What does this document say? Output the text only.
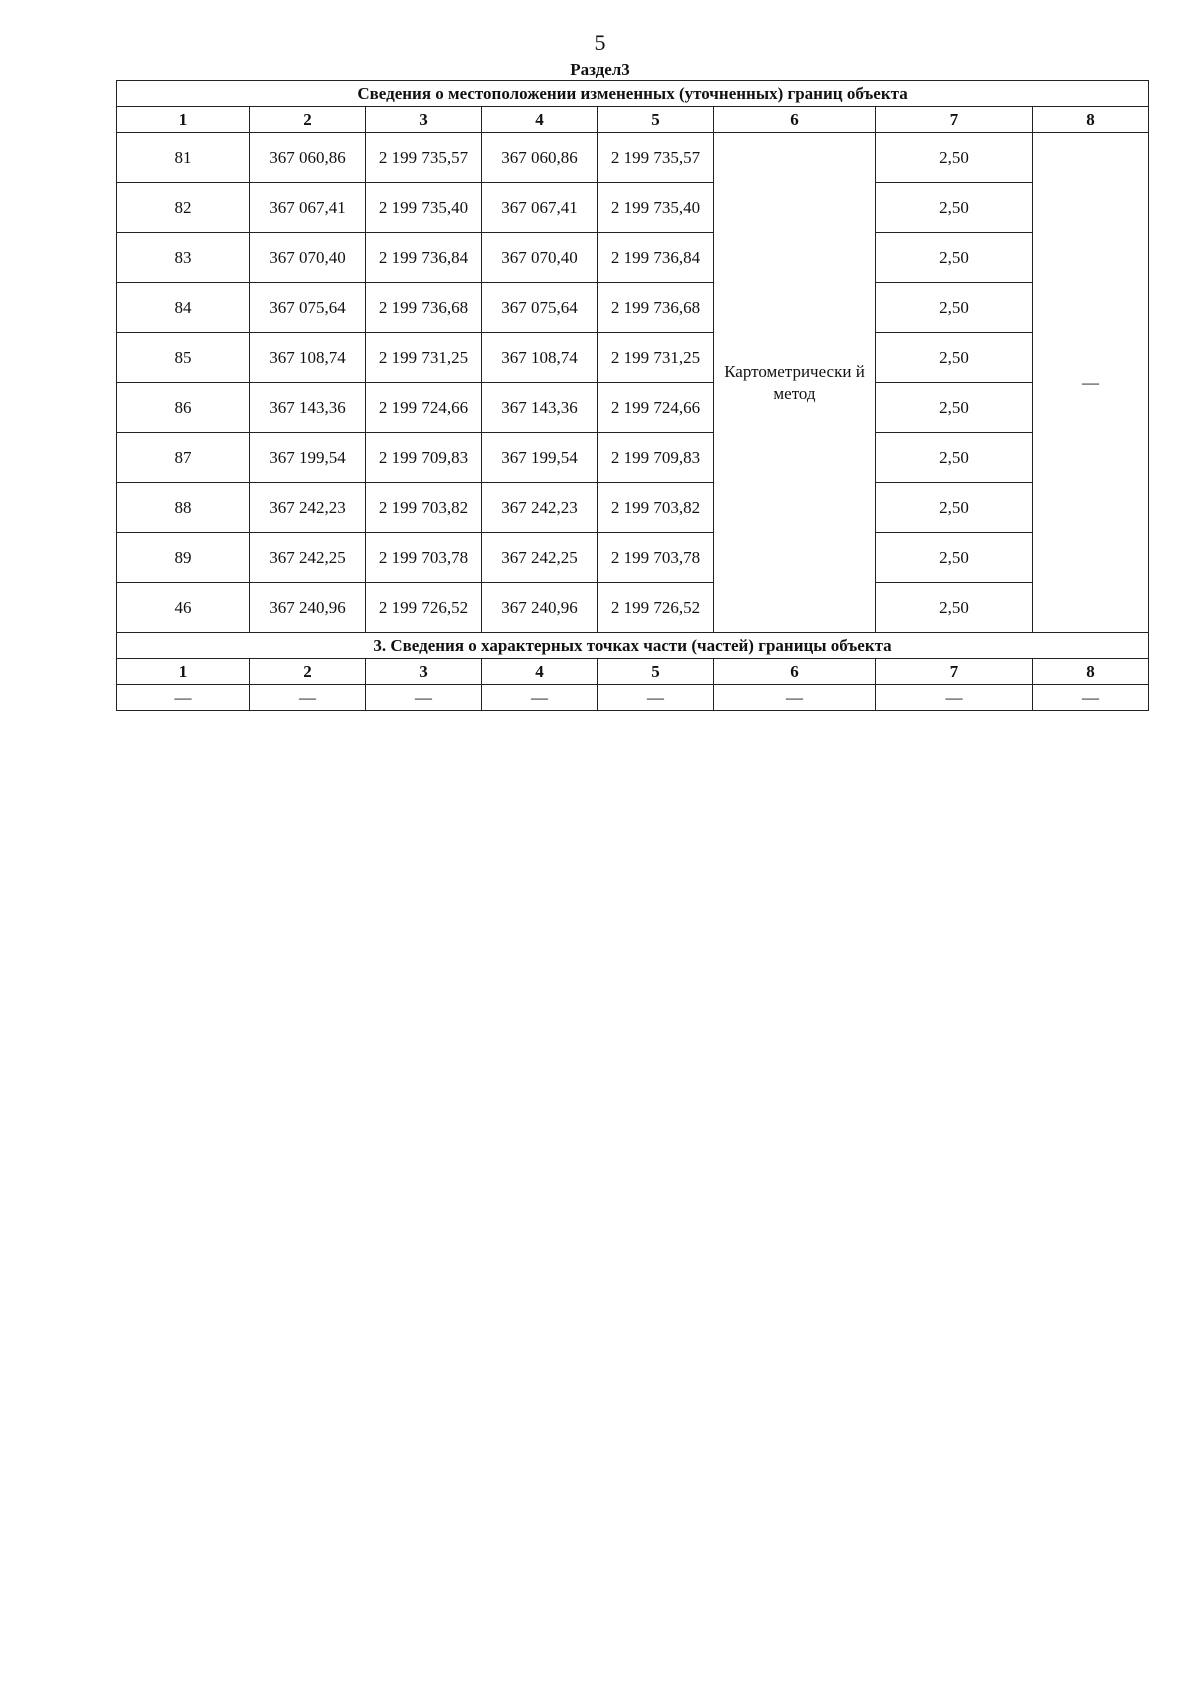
5
Раздел3
Сведения о местоположении измененных (уточненных) границ объекта							
1	2	3	4	5	6	7	8
81	367 060,86	2 199 735,57	367 060,86	2 199 735,57	Картометрически й метод	2,50	—
82	367 067,41	2 199 735,40	367 067,41	2 199 735,40		2,50	
83	367 070,40	2 199 736,84	367 070,40	2 199 736,84		2,50	
84	367 075,64	2 199 736,68	367 075,64	2 199 736,68		2,50	
85	367 108,74	2 199 731,25	367 108,74	2 199 731,25		2,50	
86	367 143,36	2 199 724,66	367 143,36	2 199 724,66		2,50	
87	367 199,54	2 199 709,83	367 199,54	2 199 709,83		2,50	
88	367 242,23	2 199 703,82	367 242,23	2 199 703,82		2,50	
89	367 242,25	2 199 703,78	367 242,25	2 199 703,78		2,50	
46	367 240,96	2 199 726,52	367 240,96	2 199 726,52		2,50	
3. Сведения о характерных точках части (частей) границы объекта							
1	2	3	4	5	6	7	8
—	—	—	—	—	—	—	—
